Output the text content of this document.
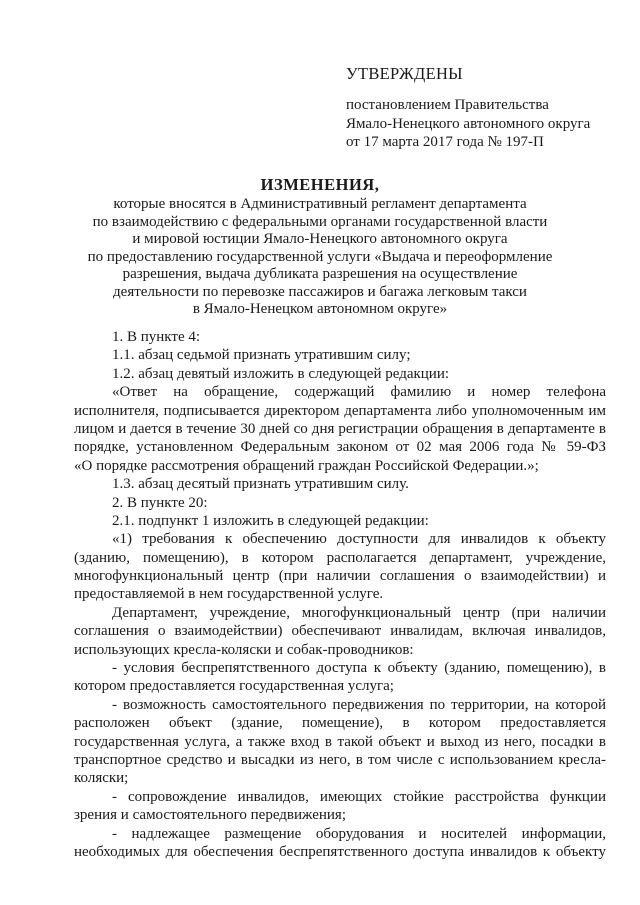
УТВЕРЖДЕНЫ
постановлением Правительства
Ямало-Ненецкого автономного округа
от 17 марта 2017 года № 197-П
ИЗМЕНЕНИЯ,
которые вносятся в Административный регламент департамента
по взаимодействию с федеральными органами государственной власти
и мировой юстиции Ямало-Ненецкого автономного округа
по предоставлению государственной услуги «Выдача и переоформление
разрешения, выдача дубликата разрешения на осуществление
деятельности по перевозке пассажиров и багажа легковым такси
в Ямало-Ненецком автономном округе»
1. В пункте 4:
1.1. абзац седьмой признать утратившим силу;
1.2. абзац девятый изложить в следующей редакции:
«Ответ на обращение, содержащий фамилию и номер телефона
исполнителя, подписывается директором департамента либо уполномоченным им
лицом и дается в течение 30 дней со дня регистрации обращения в департаменте в
порядке, установленном Федеральным законом от 02 мая 2006 года № 59-ФЗ
«О порядке рассмотрения обращений граждан Российской Федерации.»;
1.3. абзац десятый признать утратившим силу.
2. В пункте 20:
2.1. подпункт 1 изложить в следующей редакции:
«1) требования к обеспечению доступности для инвалидов к объекту
(зданию, помещению), в котором располагается департамент, учреждение,
многофункциональный центр (при наличии соглашения о взаимодействии) и
предоставляемой в нем государственной услуге.
Департамент, учреждение, многофункциональный центр (при наличии
соглашения о взаимодействии) обеспечивают инвалидам, включая инвалидов,
использующих кресла-коляски и собак-проводников:
- условия беспрепятственного доступа к объекту (зданию, помещению), в
котором предоставляется государственная услуга;
- возможность самостоятельного передвижения по территории, на которой
расположен объект (здание, помещение), в котором предоставляется
государственная услуга, а также вход в такой объект и выход из него, посадки в
транспортное средство и высадки из него, в том числе с использованием кресла-
коляски;
- сопровождение инвалидов, имеющих стойкие расстройства функции
зрения и самостоятельного передвижения;
- надлежащее размещение оборудования и носителей информации,
необходимых для обеспечения беспрепятственного доступа инвалидов к объекту
